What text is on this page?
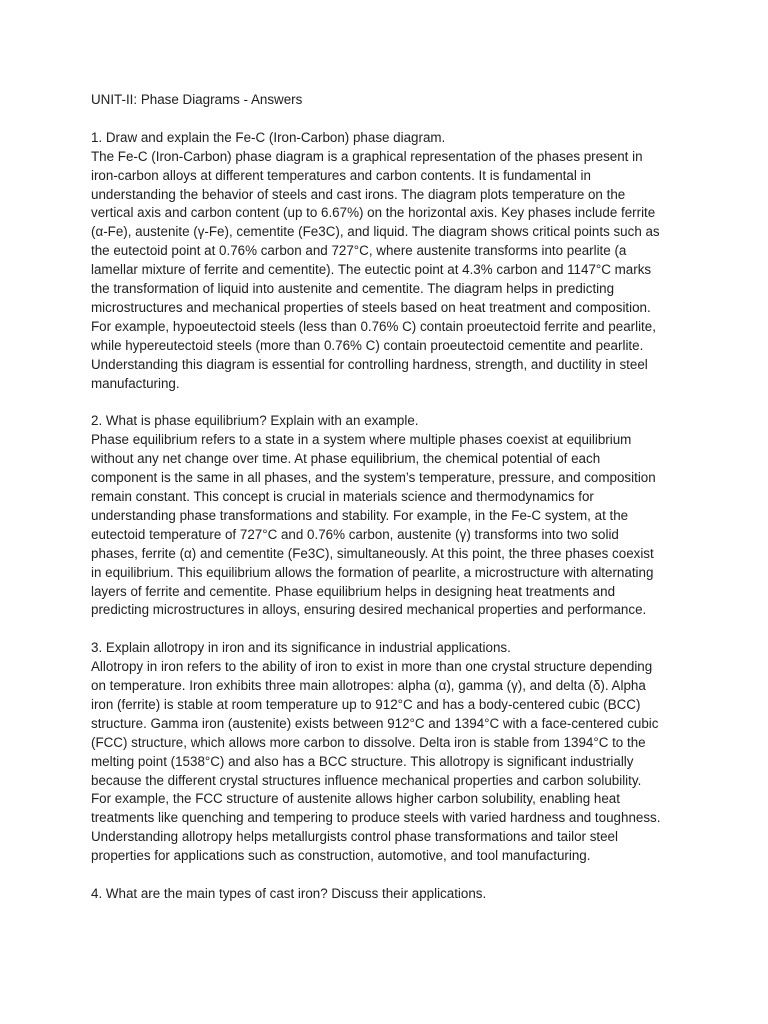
UNIT-II: Phase Diagrams - Answers
1. Draw and explain the Fe-C (Iron-Carbon) phase diagram.

The Fe-C (Iron-Carbon) phase diagram is a graphical representation of the phases present in
iron-carbon alloys at different temperatures and carbon contents. It is fundamental in
understanding the behavior of steels and cast irons. The diagram plots temperature on the
vertical axis and carbon content (up to 6.67%) on the horizontal axis. Key phases include ferrite
(α-Fe), austenite (γ-Fe), cementite (Fe3C), and liquid. The diagram shows critical points such as
the eutectoid point at 0.76% carbon and 727°C, where austenite transforms into pearlite (a
lamellar mixture of ferrite and cementite). The eutectic point at 4.3% carbon and 1147°C marks
the transformation of liquid into austenite and cementite. The diagram helps in predicting
microstructures and mechanical properties of steels based on heat treatment and composition.
For example, hypoeutectoid steels (less than 0.76% C) contain proeutectoid ferrite and pearlite,
while hypereutectoid steels (more than 0.76% C) contain proeutectoid cementite and pearlite.
Understanding this diagram is essential for controlling hardness, strength, and ductility in steel
manufacturing.

2. What is phase equilibrium? Explain with an example.

Phase equilibrium refers to a state in a system where multiple phases coexist at equilibrium
without any net change over time. At phase equilibrium, the chemical potential of each
component is the same in all phases, and the system’s temperature, pressure, and composition
remain constant. This concept is crucial in materials science and thermodynamics for
understanding phase transformations and stability. For example, in the Fe-C system, at the
eutectoid temperature of 727°C and 0.76% carbon, austenite (γ) transforms into two solid
phases, ferrite (α) and cementite (Fe3C), simultaneously. At this point, the three phases coexist
in equilibrium. This equilibrium allows the formation of pearlite, a microstructure with alternating
layers of ferrite and cementite. Phase equilibrium helps in designing heat treatments and
predicting microstructures in alloys, ensuring desired mechanical properties and performance.

3. Explain allotropy in iron and its significance in industrial applications.

Allotropy in iron refers to the ability of iron to exist in more than one crystal structure depending
on temperature. Iron exhibits three main allotropes: alpha (α), gamma (γ), and delta (δ). Alpha
iron (ferrite) is stable at room temperature up to 912°C and has a body-centered cubic (BCC)
structure. Gamma iron (austenite) exists between 912°C and 1394°C with a face-centered cubic
(FCC) structure, which allows more carbon to dissolve. Delta iron is stable from 1394°C to the
melting point (1538°C) and also has a BCC structure. This allotropy is significant industrially
because the different crystal structures influence mechanical properties and carbon solubility.
For example, the FCC structure of austenite allows higher carbon solubility, enabling heat
treatments like quenching and tempering to produce steels with varied hardness and toughness.
Understanding allotropy helps metallurgists control phase transformations and tailor steel
properties for applications such as construction, automotive, and tool manufacturing.

4. What are the main types of cast iron? Discuss their applications.
